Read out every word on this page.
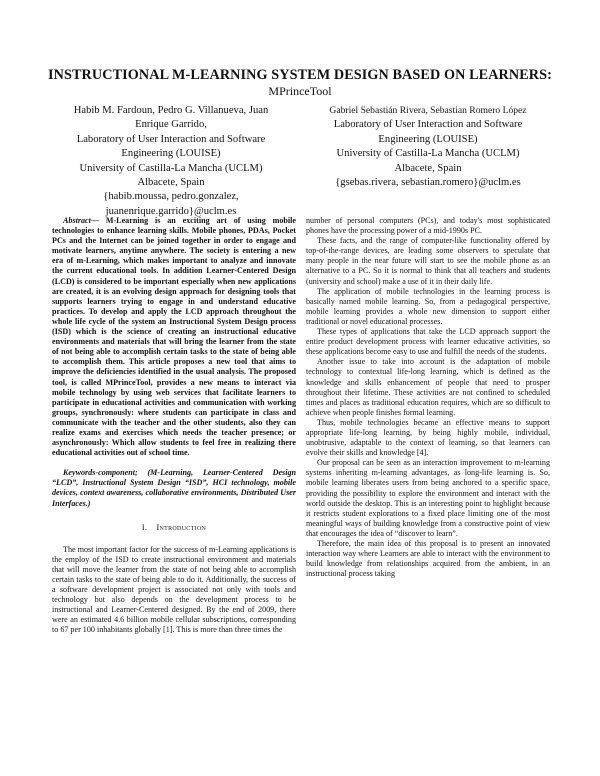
INSTRUCTIONAL M-LEARNING SYSTEM DESIGN BASED ON LEARNERS:
MPrinceTool
Habib M. Fardoun, Pedro G. Villanueva, Juan
Enrique Garrido,
Laboratory of User Interaction and Software
Engineering (LOUISE)
University of Castilla-La Mancha (UCLM)
Albacete, Spain
{habib.moussa, pedro.gonzalez,
juanenrique.garrido}@uclm.es
Gabriel Sebastián Rivera, Sebastian Romero López
Laboratory of User Interaction and Software
Engineering (LOUISE)
University of Castilla-La Mancha (UCLM)
Albacete, Spain
{gsebas.rivera, sebastian.romero}@uclm.es

Abstract— M-Learning is an exciting art of using mobile technologies to enhance learning skills. Mobile phones, PDAs, Pocket PCs and the Internet can be joined together in order to engage and motivate learners, anytime anywhere. The society is entering a new era of m-Learning, which makes important to analyze and innovate the current educational tools. In addition Learner-Centered Design (LCD) is considered to be important especially when new applications are created, it is an evolving design approach for designing tools that supports learners trying to engage in and understand educative practices. To develop and apply the LCD approach throughout the whole life cycle of the system an Instructional System Design process (ISD) which is the science of creating an instructional educative environments and materials that will bring the learner from the state of not being able to accomplish certain tasks to the state of being able to accomplish them. This article proposes a new tool that aims to improve the deficiencies identified in the usual analysis. The proposed tool, is called MPrinceTool, provides a new means to interact via mobile technology by using web services that facilitate learners to participate in educational activities and communication with working groups, synchronously: where students can participate in class and communicate with the teacher and the other students, also they can realize exams and exercises which needs the teacher presence; or asynchronously: Which allow students to feel free in realizing there educational activities out of school time.

Keywords-component; (M-Learning, Learner-Centered Design “LCD”, Instructional System Design “ISD”, HCI technology, mobile devices, context awareness, collaborative environments, Distributed User Interfaces.)

I. Introduction

The most important factor for the success of m-Learning applications is the employ of the ISD to create instructional environment and materials that will move the learner from the state of not being able to accomplish certain tasks to the state of being able to do it. Additionally, the success of a software development project is associated not only with tools and technology but also depends on the development process to be instructional and Learner-Centered designed. By the end of 2009, there were an estimated 4.6 billion mobile cellular subscriptions, corresponding to 67 per 100 inhabitants globally [1]. This is more than three times the

number of personal computers (PCs), and today's most sophisticated phones have the processing power of a mid-1990s PC.

These facts, and the range of computer-like functionality offered by top-of-the-range devices, are leading some observers to speculate that many people in the near future will start to see the mobile phone as an alternative to a PC. So it is normal to think that all teachers and students (university and school) make a use of it in their daily life.

The application of mobile technologies in the learning process is basically named mobile learning. So, from a pedagogical perspective, mobile learning provides a whole new dimension to support either traditional or novel educational processes.

These types of applications that take the LCD approach support the entire product development process with learner educative activities, so these applications become easy to use and fulfill the needs of the students.

Another issue to take into account is the adaptation of mobile technology to contextual life-long learning, which is defined as the knowledge and skills enhancement of people that need to prosper throughout their lifetime. These activities are not confined to scheduled times and places as traditional education requires, which are so difficult to achieve when people finishes formal learning.

Thus, mobile technologies became an effective means to support appropriate life-long learning, by being highly mobile, individual, unobtrusive, adaptable to the context of learning, so that learners can evolve their skills and knowledge [4].

Our proposal can be seen as an interaction improvement to m-learning systems inheriting m-learning advantages, as long-life learning is. So, mobile learning liberates users from being anchored to a specific space, providing the possibility to explore the environment and interact with the world outside the desktop. This is an interesting point to highlight because it restricts student explorations to a fixed place limiting one of the most meaningful ways of building knowledge from a constructive point of view that encourages the idea of “discover to learn”.

Therefore, the main idea of this proposal is to present an innovated interaction way where Learners are able to interact with the environment to build knowledge from relationships acquired from the ambient, in an instructional process taking
